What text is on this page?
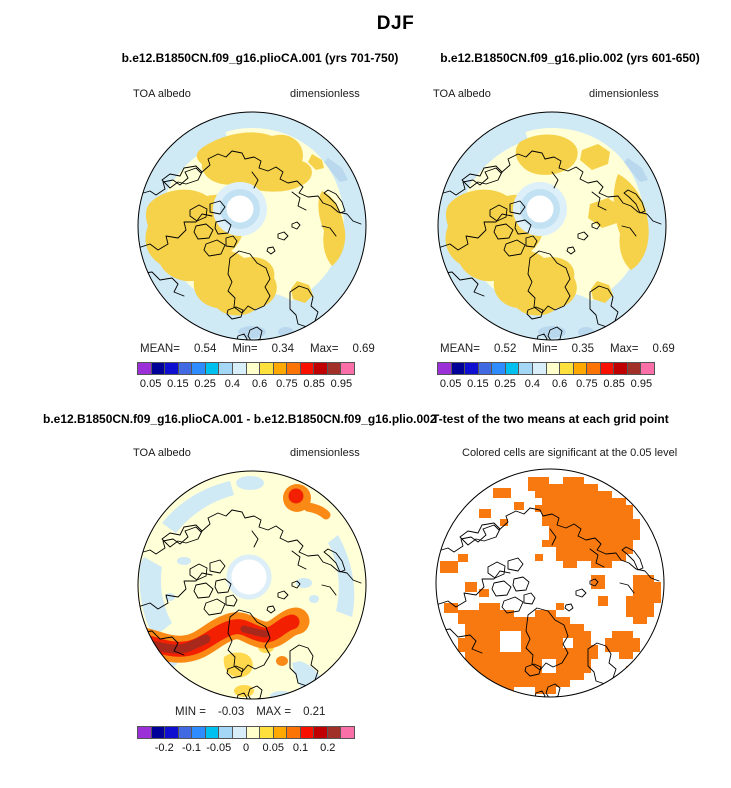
DJF
b.e12.B1850CN.f09_g16.plioCA.001 (yrs 701-750)	b.e12.B1850CN.f09_g16.plio.002 (yrs 601-650)
TOA albedo	dimensionless	TOA albedo	dimensionless
MEAN= 0.54 Min= 0.34 Max= 0.69	MEAN= 0.52 Min= 0.35 Max= 0.69
0.05 0.15 0.25 0.4 0.6 0.75 0.85 0.95	0.05 0.15 0.25 0.4 0.6 0.75 0.85 0.95
b.e12.B1850CN.f09_g16.plioCA.001 - b.e12.B1850CN.f09_g16.plio.002
T-test of the two means at each grid point
TOA albedo	dimensionless	Colored cells are significant at the 0.05 level
MIN = -0.03 MAX = 0.21
-0.2 -0.1 -0.05 0 0.05 0.1 0.2
